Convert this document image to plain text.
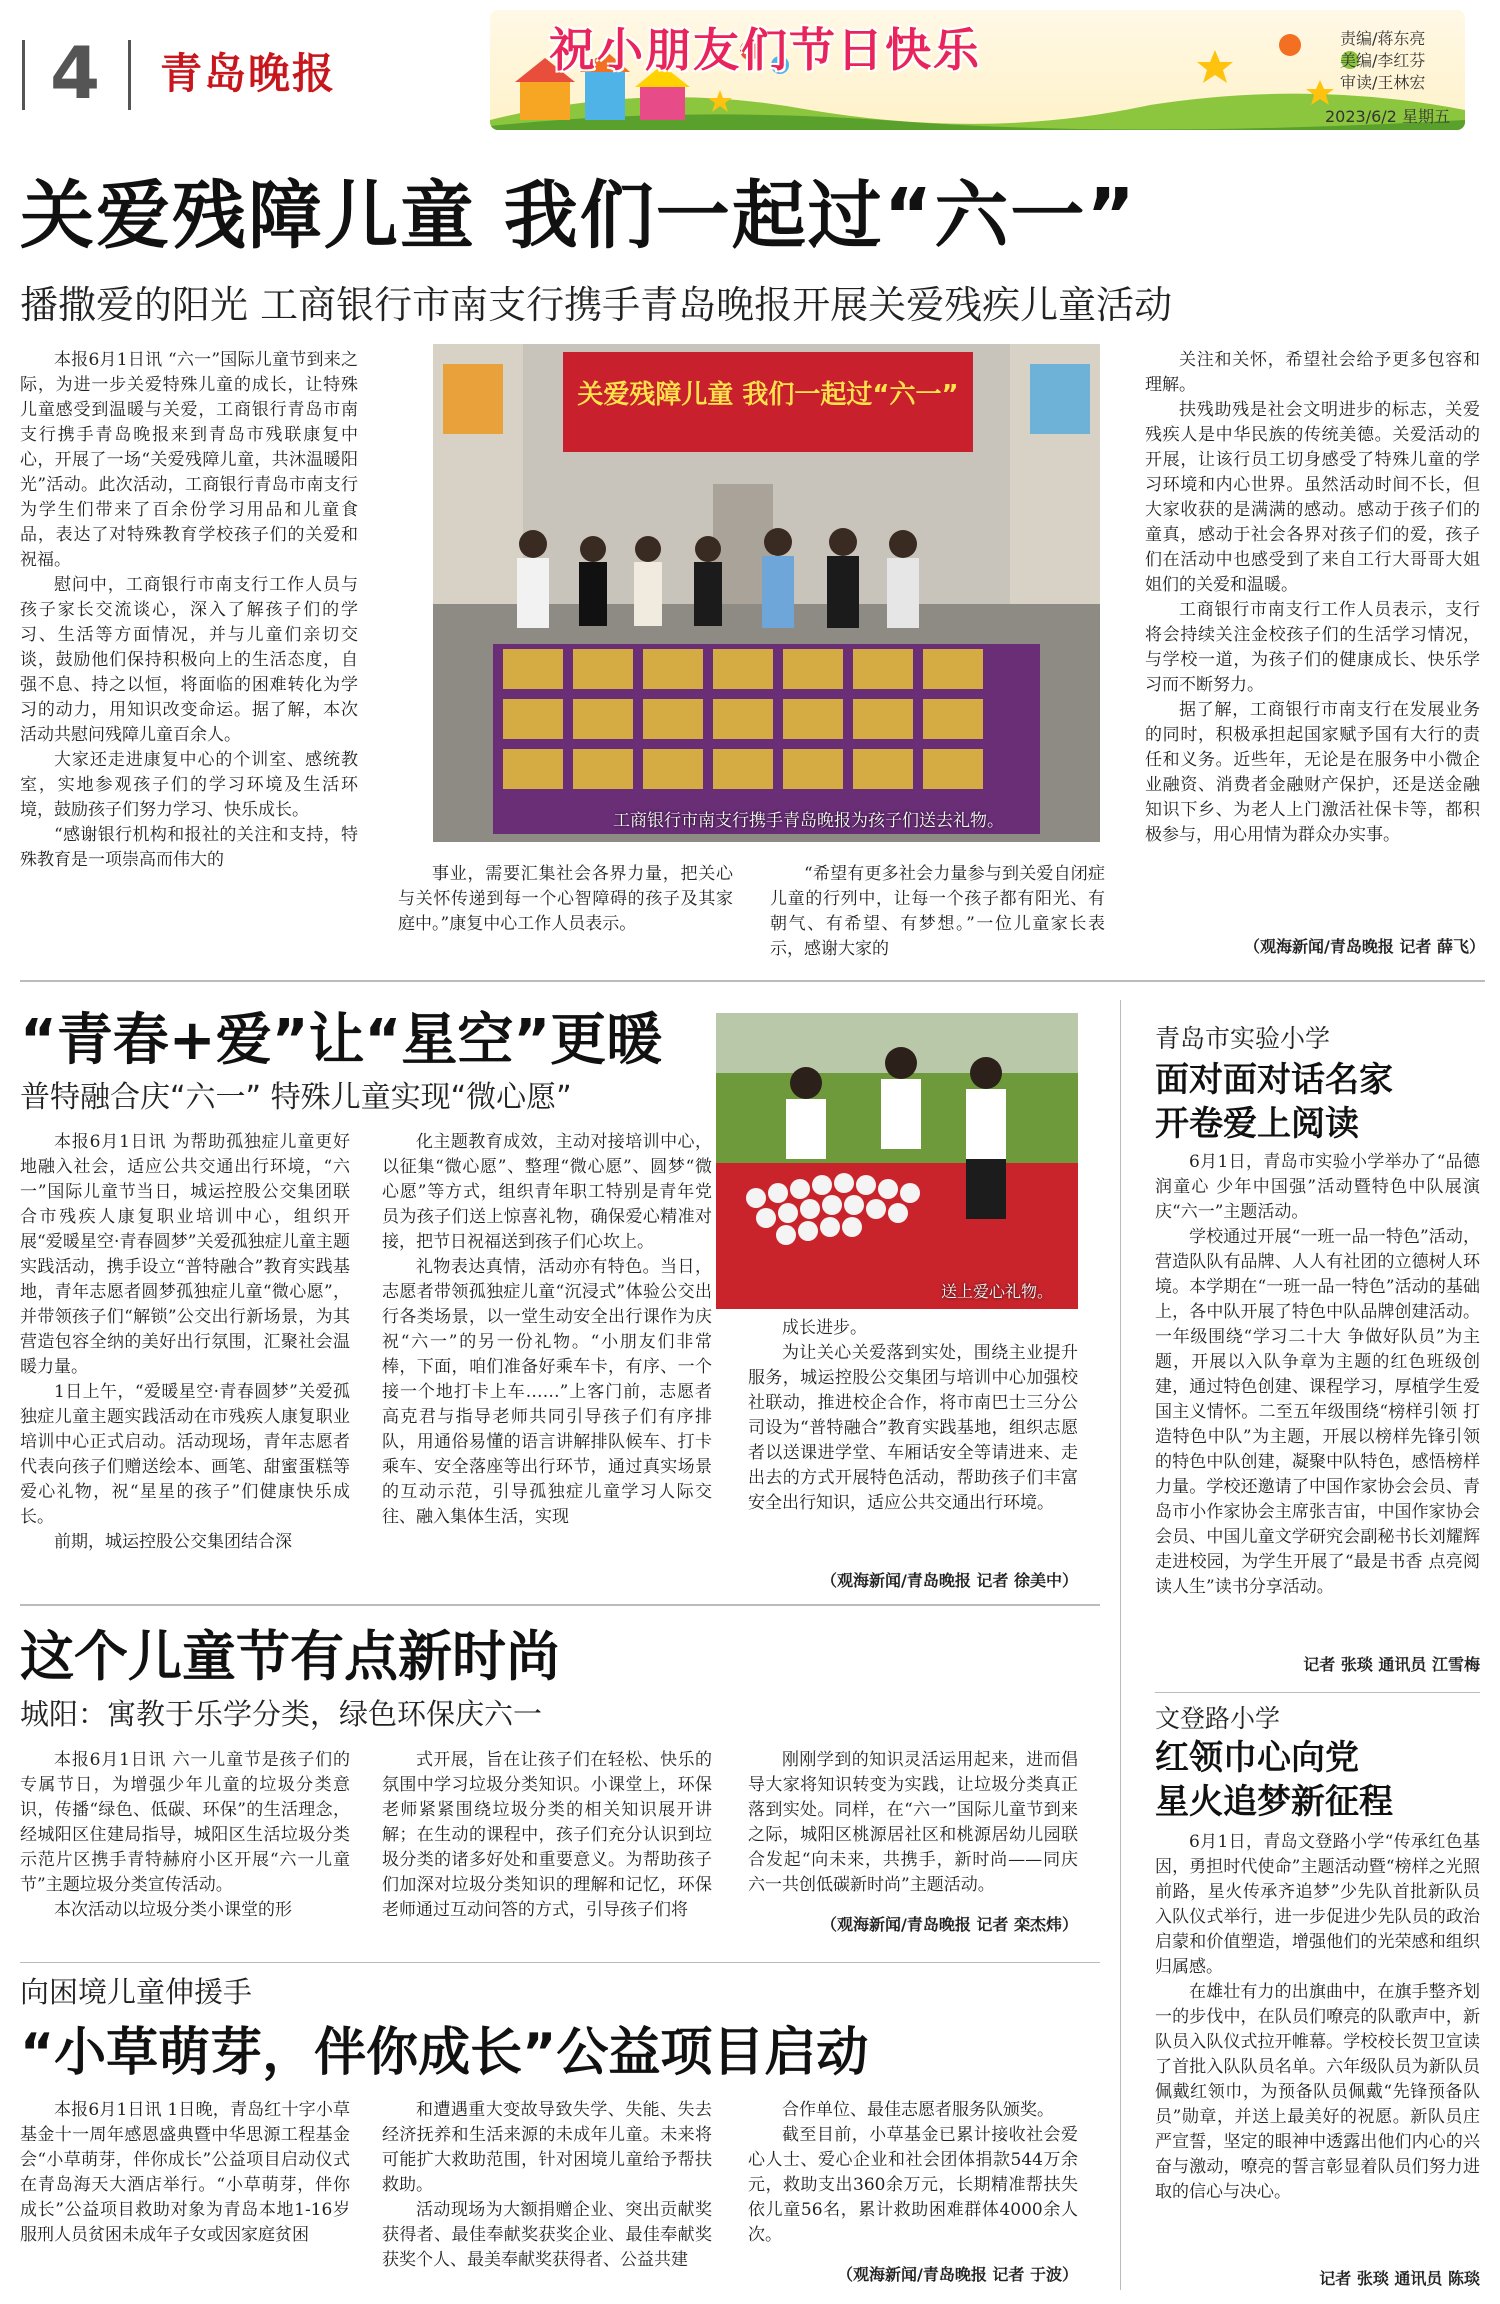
4 青岛晚报	祝小朋友们节日快乐	责编/蒋东亮
美编/李红芬
审读/王林宏
2023/6/2 星期五
关爱残障儿童 我们一起过“六一”
播撒爱的阳光 工商银行市南支行携手青岛晚报开展关爱残疾儿童活动

本报6月1日讯 “六一”国际儿童节到来之际，为进一步关爱特殊儿童的成长，让特殊儿童感受到温暖与关爱，工商银行青岛市南支行携手青岛晚报来到青岛市残联康复中心，开展了一场“关爱残障儿童，共沐温暖阳光”活动。此次活动，工商银行青岛市南支行为学生们带来了百余份学习用品和儿童食品，表达了对特殊教育学校孩子们的关爱和祝福。

慰问中，工商银行市南支行工作人员与孩子家长交流谈心，深入了解孩子们的学习、生活等方面情况，并与儿童们亲切交谈，鼓励他们保持积极向上的生活态度，自强不息、持之以恒，将面临的困难转化为学习的动力，用知识改变命运。据了解，本次活动共慰问残障儿童百余人。

大家还走进康复中心的个训室、感统教室，实地参观孩子们的学习环境及生活环境，鼓励孩子们努力学习、快乐成长。

“感谢银行机构和报社的关注和支持，特殊教育是一项崇高而伟大的

关爱残障儿童 我们一起过“六一”
工商银行市南支行携手青岛晚报为孩子们送去礼物。

事业，需要汇集社会各界力量，把关心与关怀传递到每一个心智障碍的孩子及其家庭中。”康复中心工作人员表示。

“希望有更多社会力量参与到关爱自闭症儿童的行列中，让每一个孩子都有阳光、有朝气、有希望、有梦想。”一位儿童家长表示，感谢大家的

关注和关怀，希望社会给予更多包容和理解。

扶残助残是社会文明进步的标志，关爱残疾人是中华民族的传统美德。关爱活动的开展，让该行员工切身感受了特殊儿童的学习环境和内心世界。虽然活动时间不长，但大家收获的是满满的感动。感动于孩子们的童真，感动于社会各界对孩子们的爱，孩子们在活动中也感受到了来自工行大哥哥大姐姐们的关爱和温暖。

工商银行市南支行工作人员表示，支行将会持续关注金校孩子们的生活学习情况，与学校一道，为孩子们的健康成长、快乐学习而不断努力。

据了解，工商银行市南支行在发展业务的同时，积极承担起国家赋予国有大行的责任和义务。近些年，无论是在服务中小微企业融资、消费者金融财产保护，还是送金融知识下乡、为老人上门激活社保卡等，都积极参与，用心用情为群众办实事。

（观海新闻/青岛晚报 记者 薛飞）
“青春+爱”让“星空”更暖
普特融合庆“六一” 特殊儿童实现“微心愿”
送上爱心礼物。

本报6月1日讯 为帮助孤独症儿童更好地融入社会，适应公共交通出行环境，“六一”国际儿童节当日，城运控股公交集团联合市残疾人康复职业培训中心，组织开展“爱暖星空·青春圆梦”关爱孤独症儿童主题实践活动，携手设立“普特融合”教育实践基地，青年志愿者圆梦孤独症儿童“微心愿”，并带领孩子们“解锁”公交出行新场景，为其营造包容全纳的美好出行氛围，汇聚社会温暖力量。

1日上午，“爱暖星空·青春圆梦”关爱孤独症儿童主题实践活动在市残疾人康复职业培训中心正式启动。活动现场，青年志愿者代表向孩子们赠送绘本、画笔、甜蜜蛋糕等爱心礼物，祝“星星的孩子”们健康快乐成长。

前期，城运控股公交集团结合深

化主题教育成效，主动对接培训中心，以征集“微心愿”、整理“微心愿”、圆梦“微心愿”等方式，组织青年职工特别是青年党员为孩子们送上惊喜礼物，确保爱心精准对接，把节日祝福送到孩子们心坎上。

礼物表达真情，活动亦有特色。当日，志愿者带领孤独症儿童“沉浸式”体验公交出行各类场景，以一堂生动安全出行课作为庆祝“六一”的另一份礼物。“小朋友们非常棒，下面，咱们准备好乘车卡，有序、一个接一个地打卡上车……”上客门前，志愿者高克君与指导老师共同引导孩子们有序排队，用通俗易懂的语言讲解排队候车、打卡乘车、安全落座等出行环节，通过真实场景的互动示范，引导孤独症儿童学习人际交往、融入集体生活，实现

成长进步。

为让关心关爱落到实处，围绕主业提升服务，城运控股公交集团与培训中心加强校社联动，推进校企合作，将市南巴士三分公司设为“普特融合”教育实践基地，组织志愿者以送课进学堂、车厢话安全等请进来、走出去的方式开展特色活动，帮助孩子们丰富安全出行知识，适应公共交通出行环境。

（观海新闻/青岛晚报 记者 徐美中）
这个儿童节有点新时尚
城阳：寓教于乐学分类，绿色环保庆六一

本报6月1日讯 六一儿童节是孩子们的专属节日，为增强少年儿童的垃圾分类意识，传播“绿色、低碳、环保”的生活理念，经城阳区住建局指导，城阳区生活垃圾分类示范片区携手青特赫府小区开展“六一儿童节”主题垃圾分类宣传活动。

本次活动以垃圾分类小课堂的形

式开展，旨在让孩子们在轻松、快乐的氛围中学习垃圾分类知识。小课堂上，环保老师紧紧围绕垃圾分类的相关知识展开讲解；在生动的课程中，孩子们充分认识到垃圾分类的诸多好处和重要意义。为帮助孩子们加深对垃圾分类知识的理解和记忆，环保老师通过互动问答的方式，引导孩子们将

刚刚学到的知识灵活运用起来，进而倡导大家将知识转变为实践，让垃圾分类真正落到实处。同样，在“六一”国际儿童节到来之际，城阳区桃源居社区和桃源居幼儿园联合发起“向未来，共携手，新时尚——同庆六一共创低碳新时尚”主题活动。

（观海新闻/青岛晚报 记者 栾杰炜）
向困境儿童伸援手
“小草萌芽，伴你成长”公益项目启动

本报6月1日讯 1日晚，青岛红十字小草基金十一周年感恩盛典暨中华思源工程基金会“小草萌芽，伴你成长”公益项目启动仪式在青岛海天大酒店举行。“小草萌芽，伴你成长”公益项目救助对象为青岛本地1-16岁服刑人员贫困未成年子女或因家庭贫困

和遭遇重大变故导致失学、失能、失去经济抚养和生活来源的未成年儿童。未来将可能扩大救助范围，针对困境儿童给予帮扶救助。

活动现场为大额捐赠企业、突出贡献奖获得者、最佳奉献奖获奖企业、最佳奉献奖获奖个人、最美奉献奖获得者、公益共建

合作单位、最佳志愿者服务队颁奖。

截至目前，小草基金已累计接收社会爱心人士、爱心企业和社会团体捐款544万余元，救助支出360余万元，长期精准帮扶失依儿童56名，累计救助困难群体4000余人次。

（观海新闻/青岛晚报 记者 于波）
青岛市实验小学
面对面对话名家
开卷爱上阅读

6月1日，青岛市实验小学举办了“品德润童心 少年中国强”活动暨特色中队展演庆“六一”主题活动。

学校通过开展“一班一品一特色”活动，营造队队有品牌、人人有社团的立德树人环境。本学期在“一班一品一特色”活动的基础上，各中队开展了特色中队品牌创建活动。一年级围绕“学习二十大 争做好队员”为主题，开展以入队争章为主题的红色班级创建，通过特色创建、课程学习，厚植学生爱国主义情怀。二至五年级围绕“榜样引领 打造特色中队”为主题，开展以榜样先锋引领的特色中队创建，凝聚中队特色，感悟榜样力量。学校还邀请了中国作家协会会员、青岛市小作家协会主席张吉宙，中国作家协会会员、中国儿童文学研究会副秘书长刘耀辉走进校园，为学生开展了“最是书香 点亮阅读人生”读书分享活动。

记者 张琰 通讯员 江雪梅
文登路小学
红领巾心向党
星火追梦新征程

6月1日，青岛文登路小学“传承红色基因，勇担时代使命”主题活动暨“榜样之光照前路，星火传承齐追梦”少先队首批新队员入队仪式举行，进一步促进少先队员的政治启蒙和价值塑造，增强他们的光荣感和组织归属感。

在雄壮有力的出旗曲中，在旗手整齐划一的步伐中，在队员们嘹亮的队歌声中，新队员入队仪式拉开帷幕。学校校长贺卫宣读了首批入队队员名单。六年级队员为新队员佩戴红领巾，为预备队员佩戴“先锋预备队员”勋章，并送上最美好的祝愿。新队员庄严宣誓，坚定的眼神中透露出他们内心的兴奋与激动，嘹亮的誓言彰显着队员们努力进取的信心与决心。

记者 张琰 通讯员 陈琰
